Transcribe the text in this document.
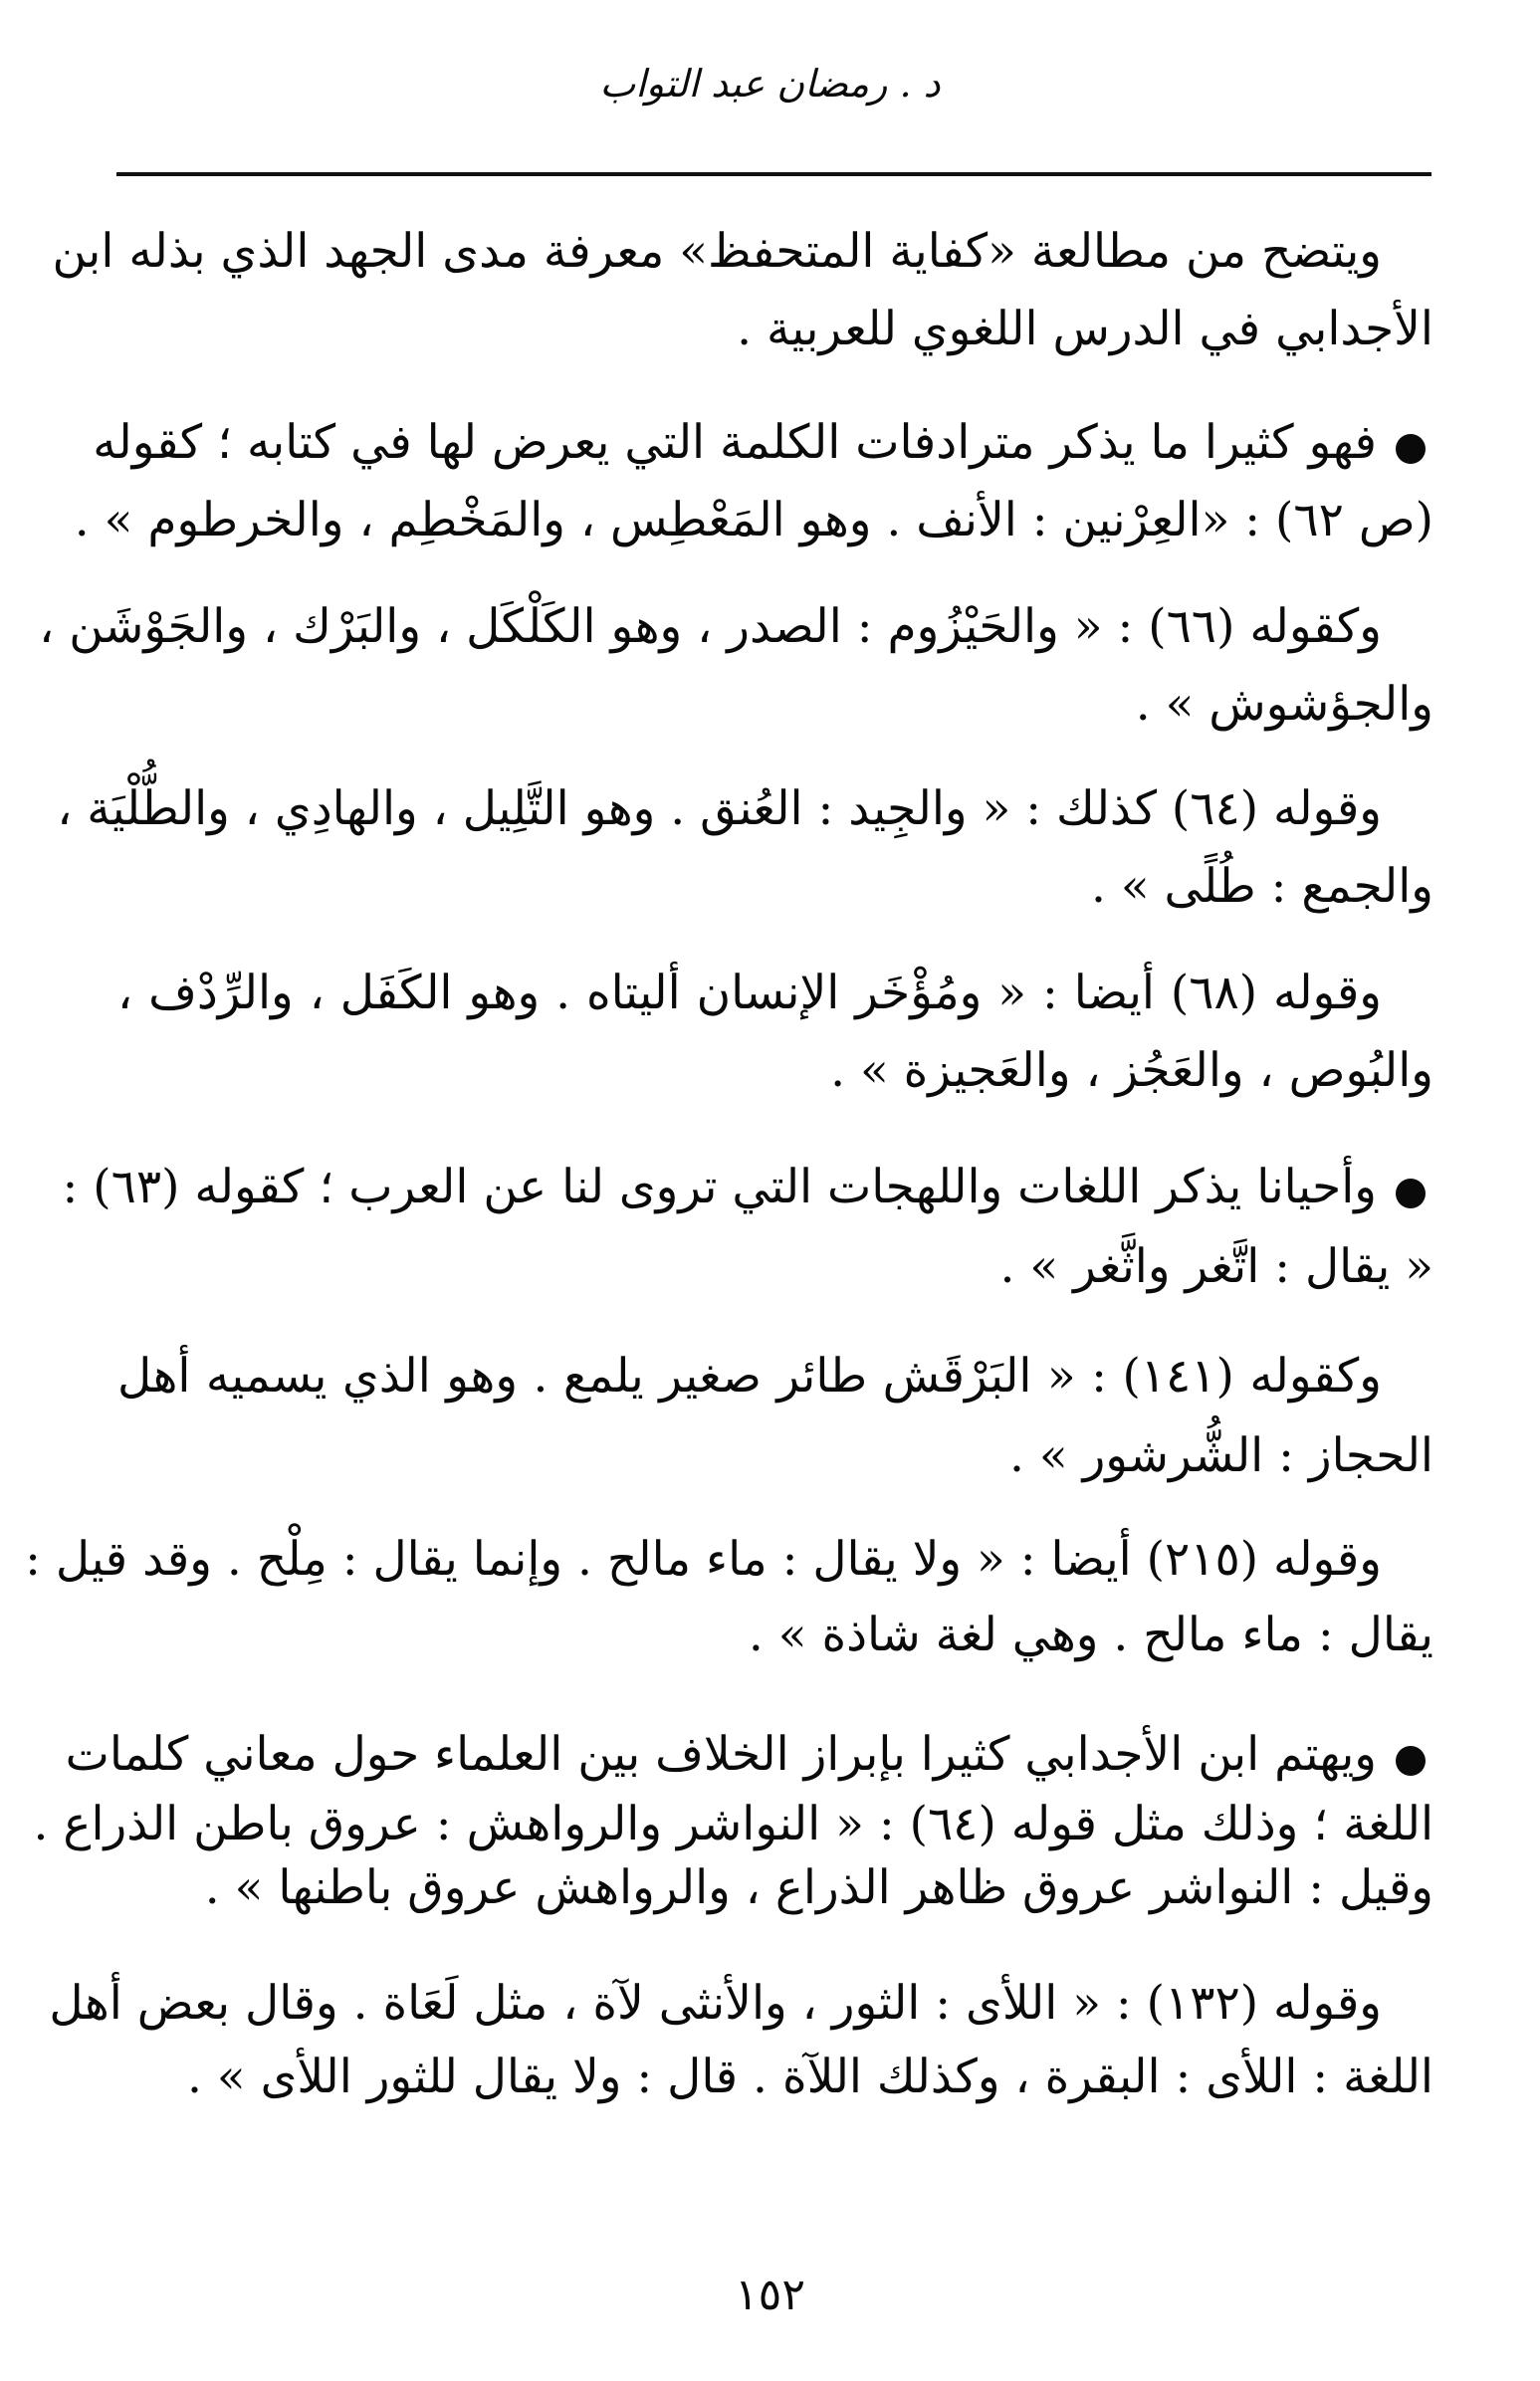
د . رمضان عبد التواب
ويتضح من مطالعة «كفاية المتحفظ» معرفة مدى الجهد الذي بذله ابن
الأجدابي في الدرس اللغوي للعربية .
فهو كثيرا ما يذكر مترادفات الكلمة التي يعرض لها في كتابه ؛ كقوله
(ص ٦٢) : «العِرْنين : الأنف . وهو المَعْطِس ، والمَخْطِم ، والخرطوم » .
وكقوله (٦٦) : « والحَيْزُوم : الصدر ، وهو الكَلْكَل ، والبَرْك ، والجَوْشَن ،
والجؤشوش » .
وقوله (٦٤) كذلك : « والجِيد : العُنق . وهو التَّلِيل ، والهادِي ، والطُّلْيَة ،
والجمع : طُلًى » .
وقوله (٦٨) أيضا : « ومُؤْخَر الإنسان أليتاه . وهو الكَفَل ، والرِّدْف ،
والبُوص ، والعَجُز ، والعَجيزة » .
وأحيانا يذكر اللغات واللهجات التي تروى لنا عن العرب ؛ كقوله (٦٣) :
« يقال : اتَّغر واثَّغر » .
وكقوله (١٤١) : « البَرْقَش طائر صغير يلمع . وهو الذي يسميه أهل
الحجاز : الشُّرشور » .
وقوله (٢١٥) أيضا : « ولا يقال : ماء مالح . وإنما يقال : مِلْح . وقد قيل :
يقال : ماء مالح . وهي لغة شاذة » .
ويهتم ابن الأجدابي كثيرا بإبراز الخلاف بين العلماء حول معاني كلمات
اللغة ؛ وذلك مثل قوله (٦٤) : « النواشر والرواهش : عروق باطن الذراع .
وقيل : النواشر عروق ظاهر الذراع ، والرواهش عروق باطنها » .
وقوله (١٣٢) : « اللأى : الثور ، والأنثى لآة ، مثل لَعَاة . وقال بعض أهل
اللغة : اللأى : البقرة ، وكذلك اللآة . قال : ولا يقال للثور اللأى » .
١٥٢
